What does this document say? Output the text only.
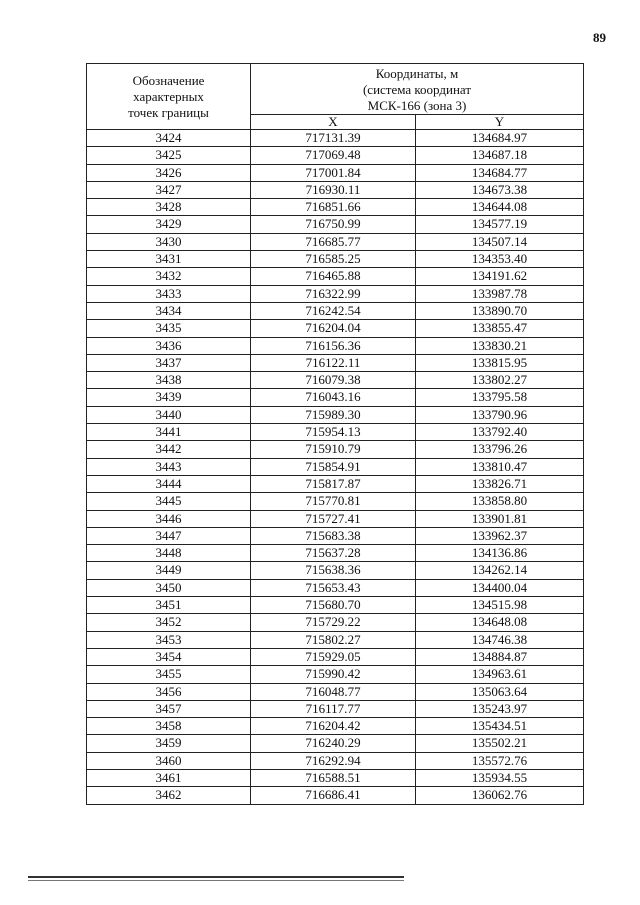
89
Обозначение
характерных
точек границы	Координаты, м
(система координат
МСК-166 (зона 3)	

	X	Y
3424	717131.39	134684.97
3425	717069.48	134687.18
3426	717001.84	134684.77
3427	716930.11	134673.38
3428	716851.66	134644.08
3429	716750.99	134577.19
3430	716685.77	134507.14
3431	716585.25	134353.40
3432	716465.88	134191.62
3433	716322.99	133987.78
3434	716242.54	133890.70
3435	716204.04	133855.47
3436	716156.36	133830.21
3437	716122.11	133815.95
3438	716079.38	133802.27
3439	716043.16	133795.58
3440	715989.30	133790.96
3441	715954.13	133792.40
3442	715910.79	133796.26
3443	715854.91	133810.47
3444	715817.87	133826.71
3445	715770.81	133858.80
3446	715727.41	133901.81
3447	715683.38	133962.37
3448	715637.28	134136.86
3449	715638.36	134262.14
3450	715653.43	134400.04
3451	715680.70	134515.98
3452	715729.22	134648.08
3453	715802.27	134746.38
3454	715929.05	134884.87
3455	715990.42	134963.61
3456	716048.77	135063.64
3457	716117.77	135243.97
3458	716204.42	135434.51
3459	716240.29	135502.21
3460	716292.94	135572.76
3461	716588.51	135934.55
3462	716686.41	136062.76
